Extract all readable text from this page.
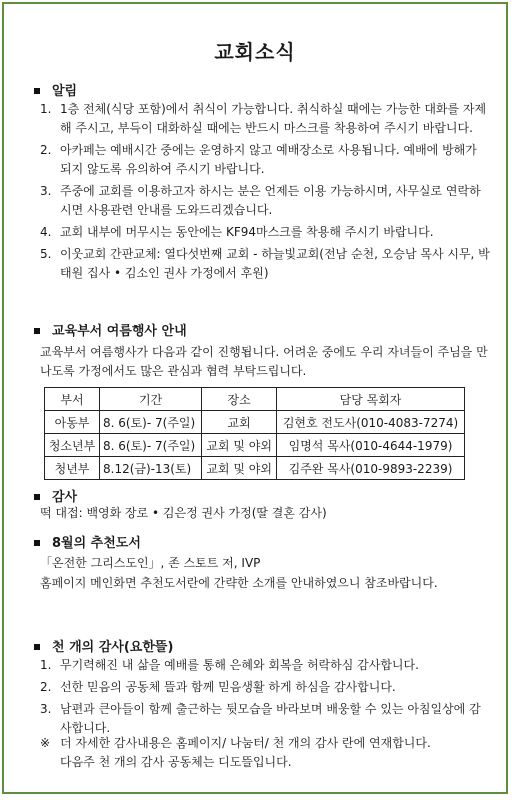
교회소식
알림
1. 1층 전체(식당 포함)에서 취식이 가능합니다. 취식하실 때에는 가능한 대화를 자제해 주시고, 부득이 대화하실 때에는 반드시 마스크를 착용하여 주시기 바랍니다.
2. 아카페는 예배시간 중에는 운영하지 않고 예배장소로 사용됩니다. 예배에 방해가 되지 않도록 유의하여 주시기 바랍니다.
3. 주중에 교회를 이용하고자 하시는 분은 언제든 이용 가능하시며, 사무실로 연락하시면 사용관련 안내를 도와드리겠습니다.
4. 교회 내부에 머무시는 동안에는 KF94마스크를 착용해 주시기 바랍니다.
5. 이웃교회 간판교체: 열다섯번째 교회 - 하늘빛교회(전남 순천, 오승남 목사 시무, 박태원 집사 • 김소인 권사 가정에서 후원)
교육부서 여름행사 안내
교육부서 여름행사가 다음과 같이 진행됩니다. 어려운 중에도 우리 자녀들이 주님을 만나도록 가정에서도 많은 관심과 협력 부탁드립니다.
부서	기간	장소	담당 목회자
아동부	8. 6(토)- 7(주일)	교회	김현호 전도사(010-4083-7274)
청소년부	8. 6(토)- 7(주일)	교회 및 야외	임명석 목사(010-4644-1979)
청년부	8.12(금)-13(토)	교회 및 야외	김주완 목사(010-9893-2239)
감사
떡 대접: 백영화 장로 • 김은정 권사 가정(딸 결혼 감사)
8월의 추천도서
「온전한 그리스도인」, 존 스토트 저, IVP
홈페이지 메인화면 추천도서란에 간략한 소개를 안내하였으니 참조바랍니다.
천 개의 감사(요한뜰)
1. 무기력해진 내 삶을 예배를 통해 은혜와 회복을 허락하심 감사합니다.
2. 선한 믿음의 공동체 뜰과 함께 믿음생활 하게 하심을 감사합니다.
3. 남편과 큰아들이 함께 출근하는 뒷모습을 바라보며 배웅할 수 있는 아침일상에 감사합니다.
※ 더 자세한 감사내용은 홈페이지/ 나눔터/ 천 개의 감사 란에 연재합니다.
다음주 천 개의 감사 공동체는 디도뜰입니다.
